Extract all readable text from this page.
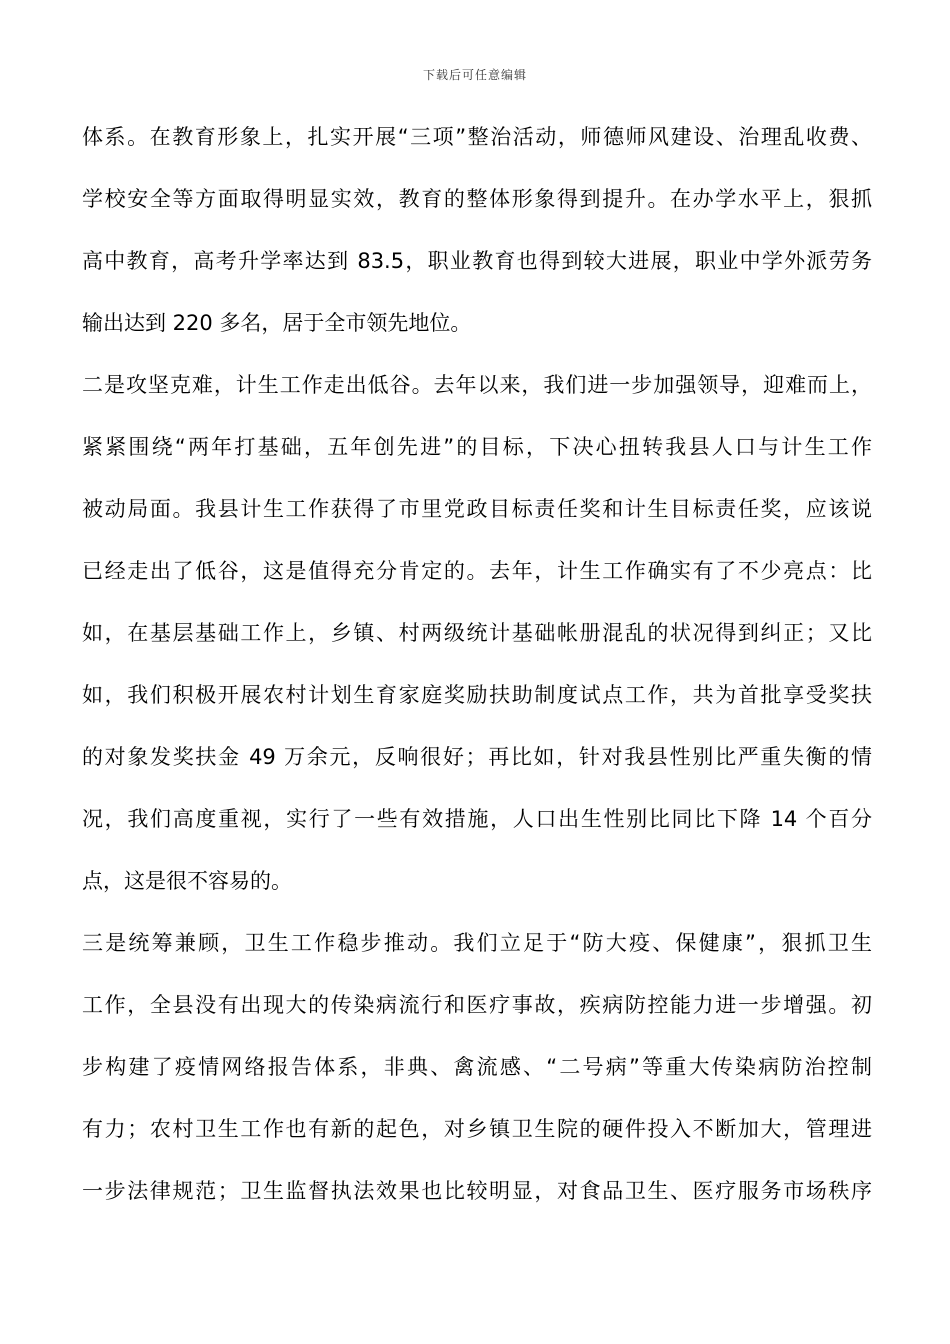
下载后可任意编辑
体系。在教育形象上，扎实开展“三项”整治活动，师德师风建设、治理乱收费、
学校安全等方面取得明显实效，教育的整体形象得到提升。在办学水平上，狠抓
高中教育，高考升学率达到 83.5，职业教育也得到较大进展，职业中学外派劳务
输出达到 220 多名，居于全市领先地位。
二是攻坚克难，计生工作走出低谷。去年以来，我们进一步加强领导，迎难而上，
紧紧围绕“两年打基础，五年创先进”的目标，下决心扭转我县人口与计生工作
被动局面。我县计生工作获得了市里党政目标责任奖和计生目标责任奖，应该说
已经走出了低谷，这是值得充分肯定的。去年，计生工作确实有了不少亮点：比
如，在基层基础工作上，乡镇、村两级统计基础帐册混乱的状况得到纠正；又比
如，我们积极开展农村计划生育家庭奖励扶助制度试点工作，共为首批享受奖扶
的对象发奖扶金 49 万余元，反响很好；再比如，针对我县性别比严重失衡的情
况，我们高度重视，实行了一些有效措施，人口出生性别比同比下降 14 个百分
点，这是很不容易的。
三是统筹兼顾，卫生工作稳步推动。我们立足于“防大疫、保健康”，狠抓卫生
工作，全县没有出现大的传染病流行和医疗事故，疾病防控能力进一步增强。初
步构建了疫情网络报告体系，非典、禽流感、“二号病”等重大传染病防治控制
有力；农村卫生工作也有新的起色，对乡镇卫生院的硬件投入不断加大，管理进
一步法律规范；卫生监督执法效果也比较明显，对食品卫生、医疗服务市场秩序
